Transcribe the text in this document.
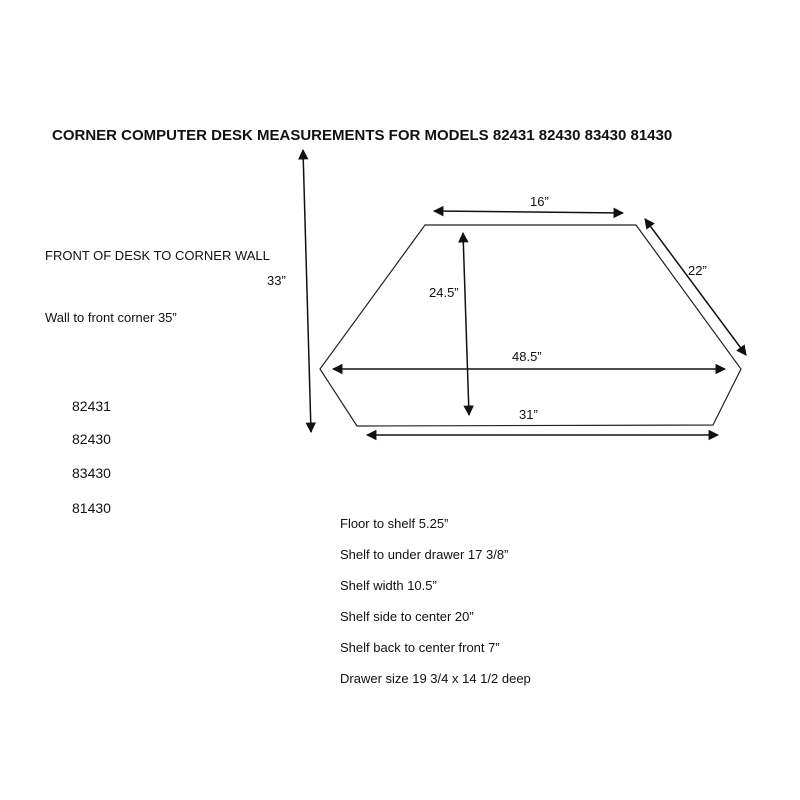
CORNER COMPUTER DESK MEASUREMENTS FOR MODELS 82431 82430 83430 81430
FRONT OF DESK TO CORNER WALL
Wall to front corner 35”
82431
82430
83430
81430
33”
16”
22”
24.5”
48.5”
31”
Floor to shelf 5.25”
Shelf to under drawer 17 3/8”
Shelf width 10.5”
Shelf side to center 20”
Shelf back to center front 7”
Drawer size 19 3/4 x 14 1/2 deep
